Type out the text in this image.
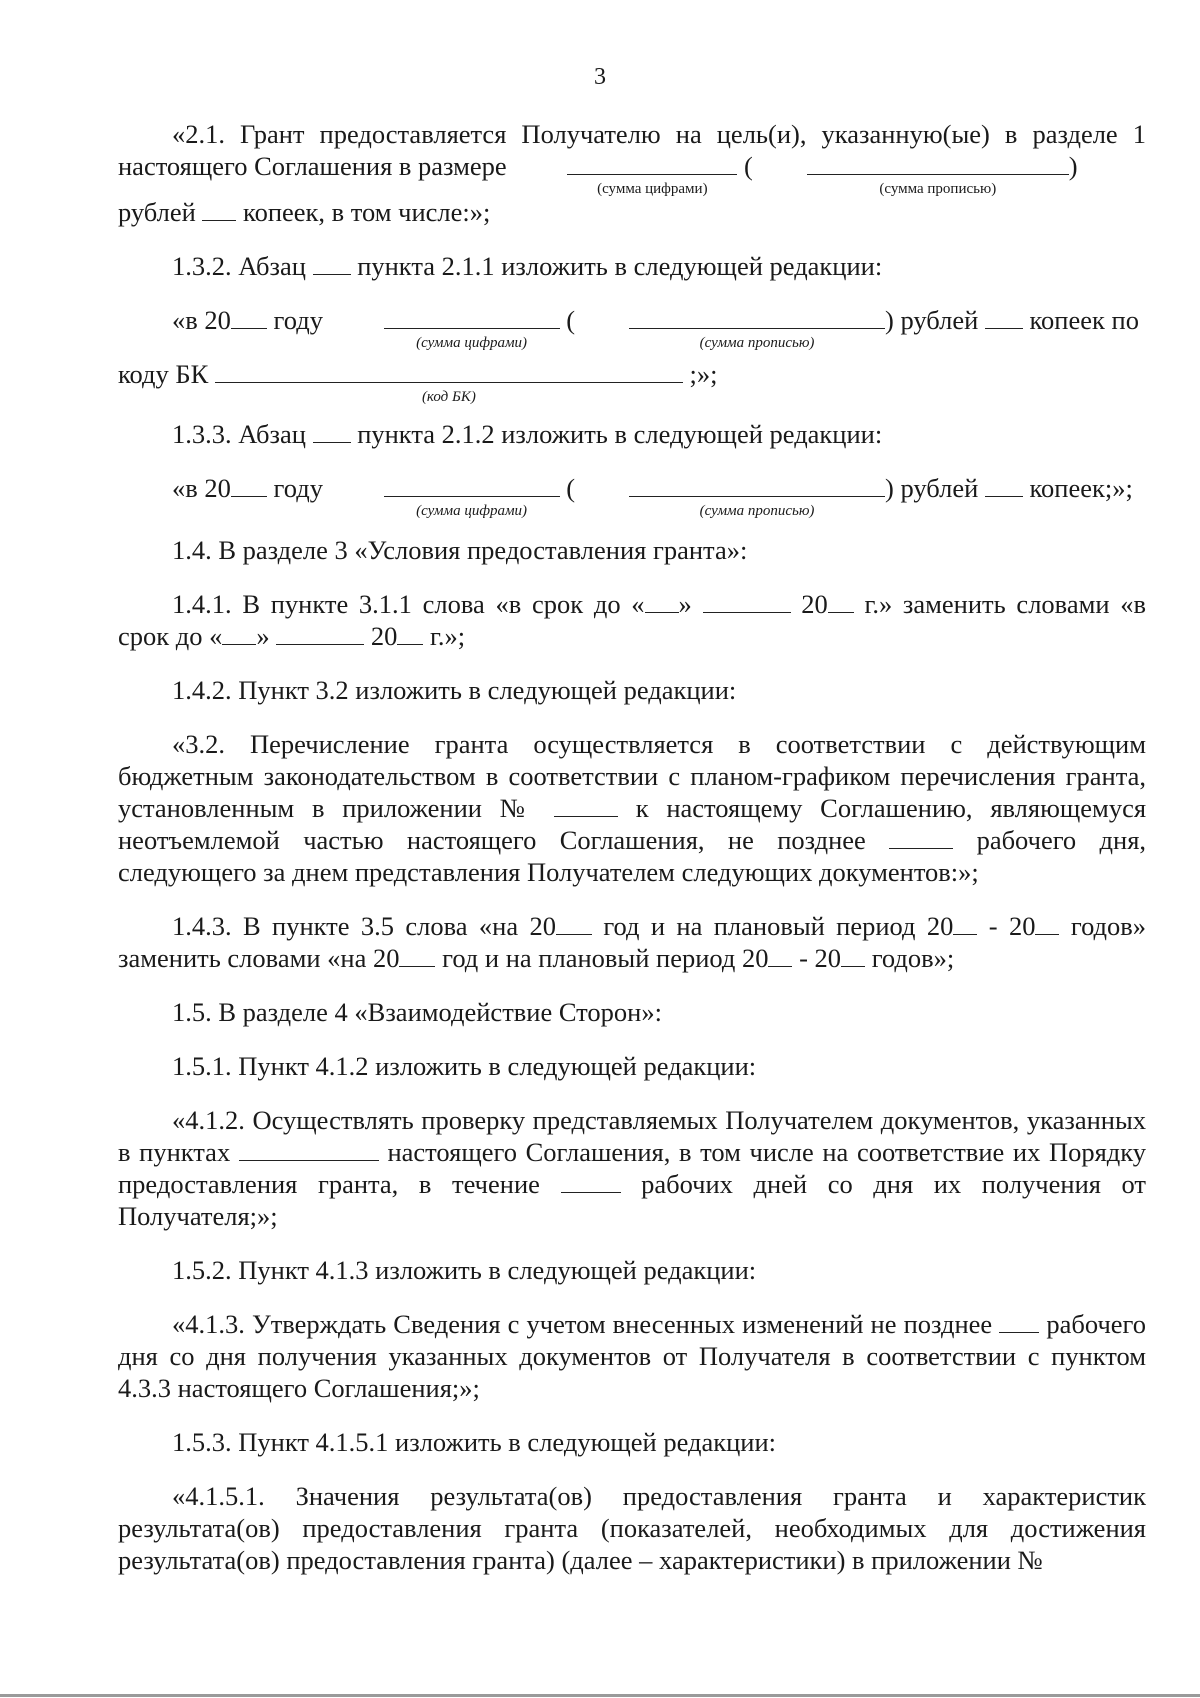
3

«2.1. Грант предоставляется Получателю на цель(и), указанную(ые) в разделе 1 настоящего Соглашения в размере
(сумма цифрами)
(
(сумма прописью)
)

рублей копеек, в том числе:»;

1.3.2. Абзац пункта 2.1.1 изложить в следующей редакции:

«в 20 году
(сумма цифрами)
(
(сумма прописью)
) рублей копеек по

коду БК
(код БК)
;»;

1.3.3. Абзац пункта 2.1.2 изложить в следующей редакции:

«в 20 году
(сумма цифрами)
(
(сумма прописью)
) рублей копеек;»;

1.4. В разделе 3 «Условия предоставления гранта»:

1.4.1. В пункте 3.1.1 слова «в срок до « »	20 г.» заменить словами «в срок до « »	20 г.»;

1.4.2. Пункт 3.2 изложить в следующей редакции:

«3.2. Перечисление гранта осуществляется в соответствии с действующим бюджетным законодательством в соответствии с планом-графиком перечисления гранта, установленным в приложении №	к настоящему Соглашению, являющемуся неотъемлемой частью настоящего Соглашения, не позднее	рабочего дня, следующего за днем представления Получателем следующих документов:»;

1.4.3. В пункте 3.5 слова «на 20 год и на плановый период 20 - 20 годов» заменить словами «на 20 год и на плановый период 20 - 20 годов»;

1.5. В разделе 4 «Взаимодействие Сторон»:

1.5.1. Пункт 4.1.2 изложить в следующей редакции:

«4.1.2. Осуществлять проверку представляемых Получателем документов, указанных в пунктах	настоящего Соглашения, в том числе на соответствие их Порядку предоставления гранта, в течение	рабочих дней со дня их получения от Получателя;»;

1.5.2. Пункт 4.1.3 изложить в следующей редакции:

«4.1.3. Утверждать Сведения с учетом внесенных изменений не позднее рабочего дня со дня получения указанных документов от Получателя в соответствии с пунктом 4.3.3 настоящего Соглашения;»;

1.5.3. Пункт 4.1.5.1 изложить в следующей редакции:

«4.1.5.1. Значения результата(ов) предоставления гранта и характеристик результата(ов) предоставления гранта (показателей, необходимых для достижения результата(ов) предоставления гранта) (далее – характеристики) в приложении №
